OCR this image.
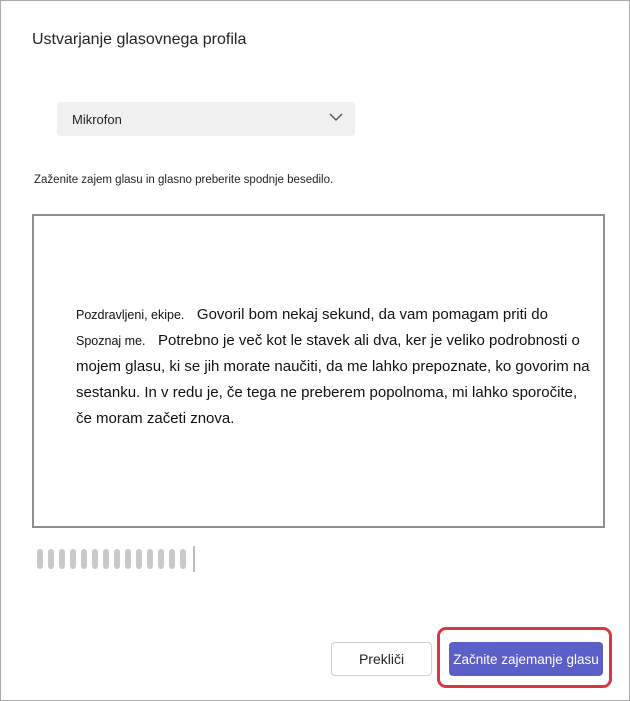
Ustvarjanje glasovnega profila
Mikrofon
Zaženite zajem glasu in glasno preberite spodnje besedilo.
Pozdravljeni, ekipe. Govoril bom nekaj sekund, da vam pomagam priti do Spoznaj me. Potrebno je več kot le stavek ali dva, ker je veliko podrobnosti o mojem glasu, ki se jih morate naučiti, da me lahko prepoznate, ko govorim na sestanku. In v redu je, če tega ne preberem popolnoma, mi lahko sporočite, če moram začeti znova.
Prekliči	Začnite zajemanje glasu
